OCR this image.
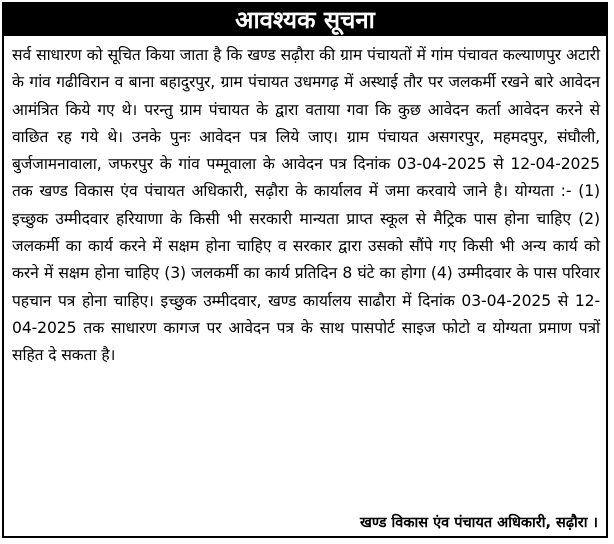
आवश्यक सूचना
सर्व साधारण को सूचित किया जाता है कि खण्ड सढ़ौरा की ग्राम पंचायतों में गांम पंचावत कल्याणपुर अटारी के गांव गढीविरान व बाना बहादुरपुर, ग्राम पंचायत उधमगढ़ में अस्थाई तौर पर जलकर्मी रखने बारे आवेदन आमंत्रित किये गए थे। परन्तु ग्राम पंचायत के द्वारा वताया गवा कि कुछ आवेदन कर्ता आवेदन करने से वाछित रह गये थे। उनके पुनः आवेदन पत्र लिये जाए। ग्राम पंचायत असगरपुर, महमदपुर, संघौली, बुर्जजामनावाला, जफरपुर के गांव पम्मूवाला के आवेदन पत्र दिनांक 03-04-2025 से 12-04-2025 तक खण्ड विकास एंव पंचायत अधिकारी, सढ़ौरा के कार्यालव में जमा करवाये जाने है। योग्यता :- (1) इच्छुक उम्मीदवार हरियाणा के किसी भी सरकारी मान्यता प्राप्त स्कूल से मैट्रिक पास होना चाहिए (2) जलकर्मी का कार्य करने में सक्षम होना चाहिए व सरकार द्वारा उसको सौंपे गए किसी भी अन्य कार्य को करने में सक्षम होना चाहिए (3) जलकर्मी का कार्य प्रतिदिन 8 घंटे का होगा (4) उम्मीदवार के पास परिवार पहचान पत्र होना चाहिए। इच्छुक उम्मीदवार, खण्ड कार्यालय साढौरा में दिनांक 03-04-2025 से 12-04-2025 तक साधारण कागज पर आवेदन पत्र के साथ पासपोर्ट साइज फोटो व योग्यता प्रमाण पत्रों सहित दे सकता है।
खण्ड विकास एंव पंचायत अधिकारी, सढ़ौरा ।
